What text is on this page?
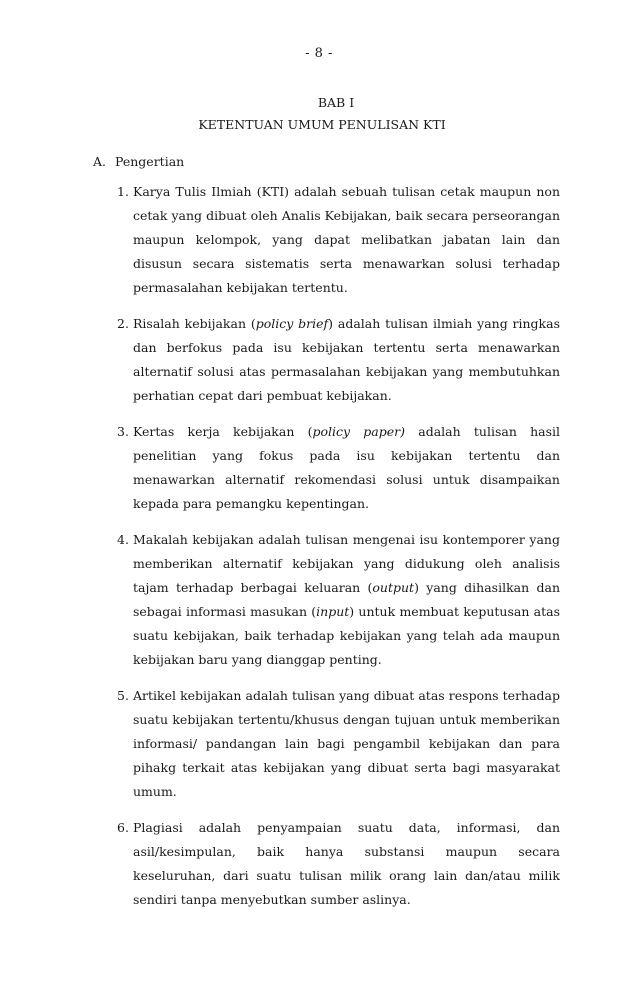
- 8 -
BAB I
KETENTUAN UMUM PENULISAN KTI
A. Pengertian
1. Karya Tulis Ilmiah (KTI) adalah sebuah tulisan cetak maupun non cetak yang dibuat oleh Analis Kebijakan, baik secara perseorangan maupun kelompok, yang dapat melibatkan jabatan lain dan disusun secara sistematis serta menawarkan solusi terhadap permasalahan kebijakan tertentu.

2. Risalah kebijakan (policy brief) adalah tulisan ilmiah yang ringkas dan berfokus pada isu kebijakan tertentu serta menawarkan alternatif solusi atas permasalahan kebijakan yang membutuhkan perhatian cepat dari pembuat kebijakan.

3. Kertas kerja kebijakan (policy paper) adalah tulisan hasil penelitian yang fokus pada isu kebijakan tertentu dan menawarkan alternatif rekomendasi solusi untuk disampaikan kepada para pemangku kepentingan.

4. Makalah kebijakan adalah tulisan mengenai isu kontemporer yang memberikan alternatif kebijakan yang didukung oleh analisis tajam terhadap berbagai keluaran (output) yang dihasilkan dan sebagai informasi masukan (input) untuk membuat keputusan atas suatu kebijakan, baik terhadap kebijakan yang telah ada maupun kebijakan baru yang dianggap penting.

5. Artikel kebijakan adalah tulisan yang dibuat atas respons terhadap suatu kebijakan tertentu/khusus dengan tujuan untuk memberikan informasi/ pandangan lain bagi pengambil kebijakan dan para pihakg terkait atas kebijakan yang dibuat serta bagi masyarakat umum.

6. Plagiasi adalah penyampaian suatu data, informasi, dan asil/kesimpulan, baik hanya substansi maupun secara keseluruhan, dari suatu tulisan milik orang lain dan/atau milik sendiri tanpa menyebutkan sumber aslinya.
